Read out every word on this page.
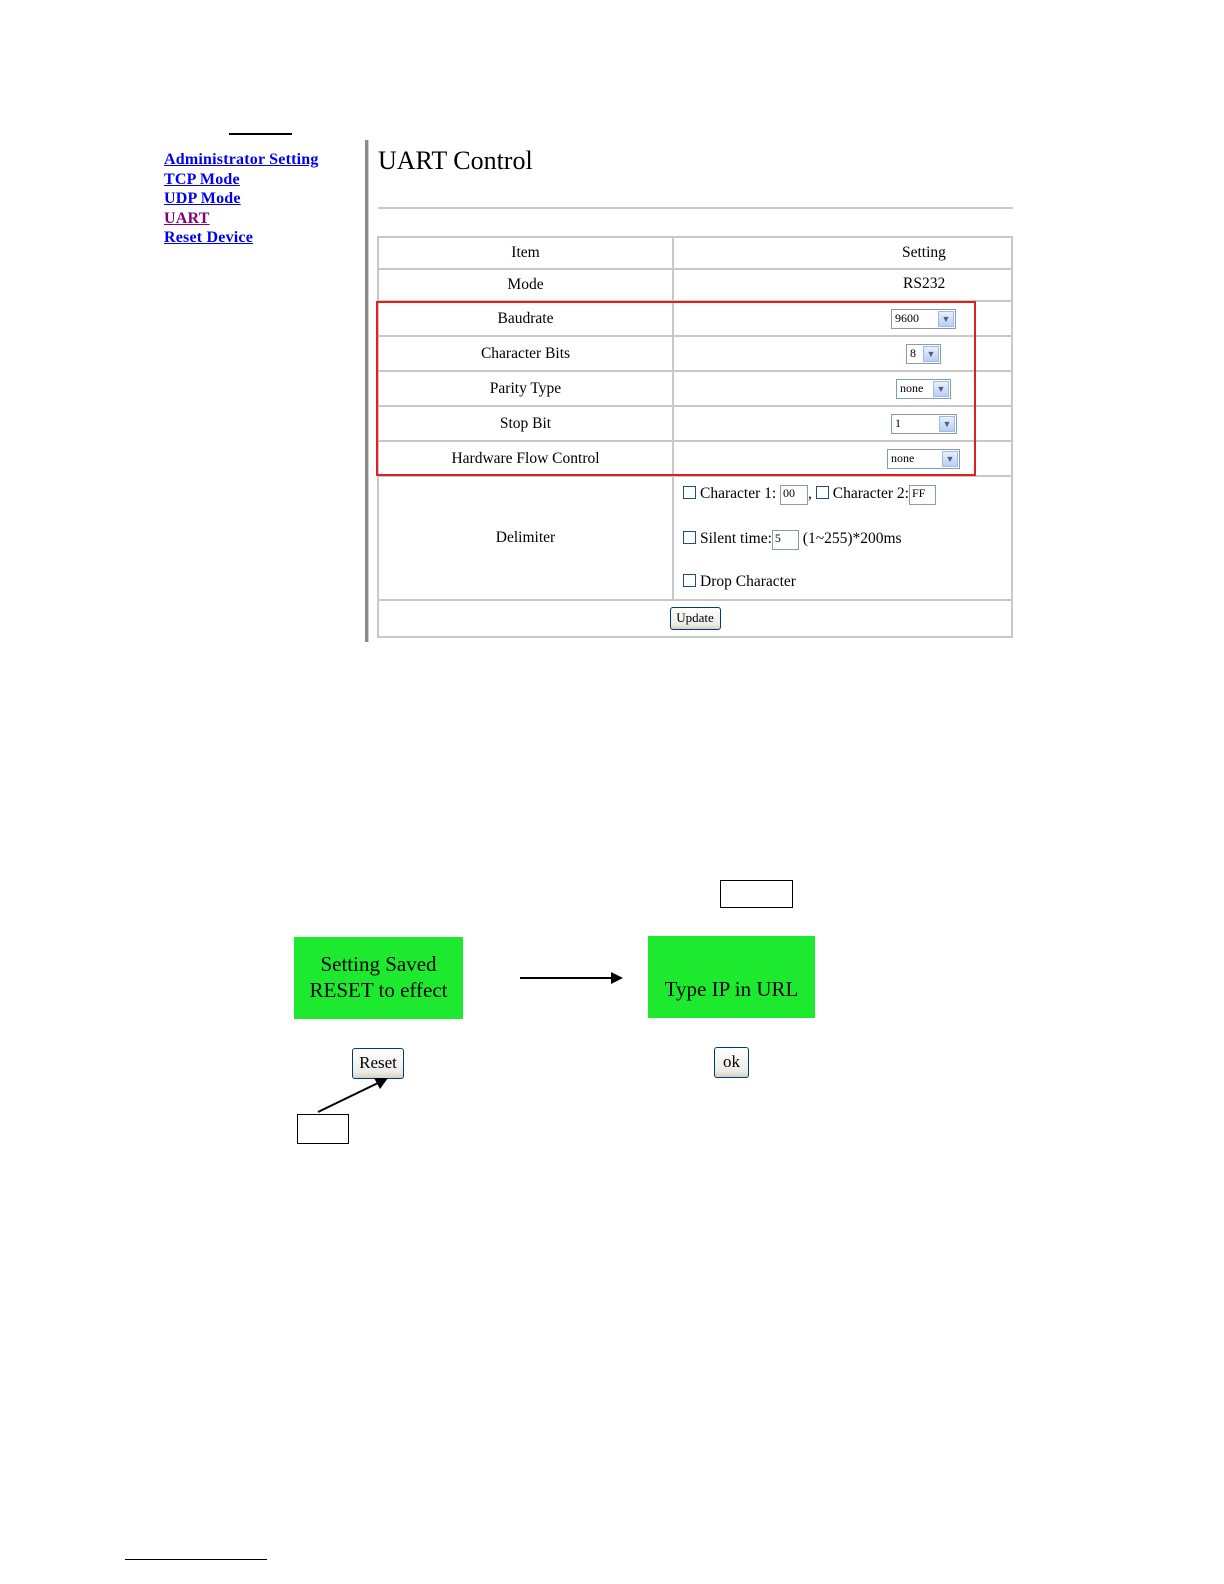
Administrator Setting
TCP Mode
UDP Mode
UART
Reset Device
UART Control
Item	Setting

Mode	RS232

Baudrate	9600 ▼

Character Bits	8 ▼

Parity Type	none ▼

Stop Bit	1 ▼

Hardware Flow Control	none ▼

Delimiter	Character 1: 00 , Character 2: FF
Silent time: 5 (1~255)*200ms
Drop Character

Update	
Setting Saved
RESET to effect	Type IP in URL
Reset	ok
